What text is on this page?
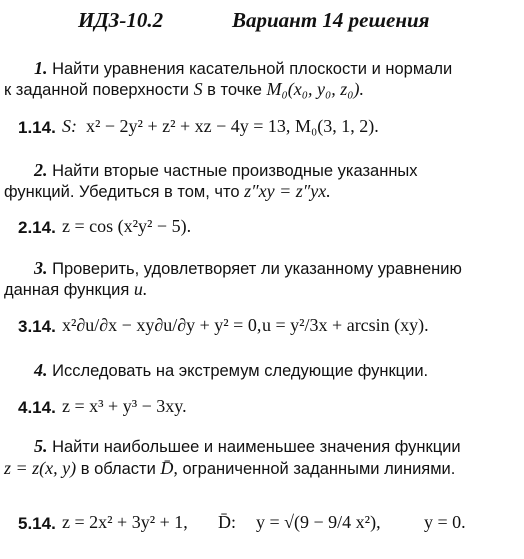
ИДЗ-10.2	Вариант 14 решения
1. Найти уравнения касательной плоскости и нормали
к заданной поверхности S в точке M₀(x₀, y₀, z₀).
1.14. S: x² − 2y² + z² + xz − 4y = 13, M₀(3, 1, 2).
2. Найти вторые частные производные указанных
функций. Убедиться в том, что z″xy = z″yx.
2.14. z = cos (x²y² − 5).
3. Проверить, удовлетворяет ли указанному уравнению
данная функция u.
3.14. x²∂u/∂x − xy∂u/∂y + y² = 0, u = y²/3x + arcsin (xy).
4. Исследовать на экстремум следующие функции.
4.14. z = x³ + y³ − 3xy.
5. Найти наибольшее и наименьшее значения функции
z = z(x, y) в области D̄, ограниченной заданными линиями.
5.14. z = 2x² + 3y² + 1, D̄: y = √(9 − 9/4 x²), y = 0.
